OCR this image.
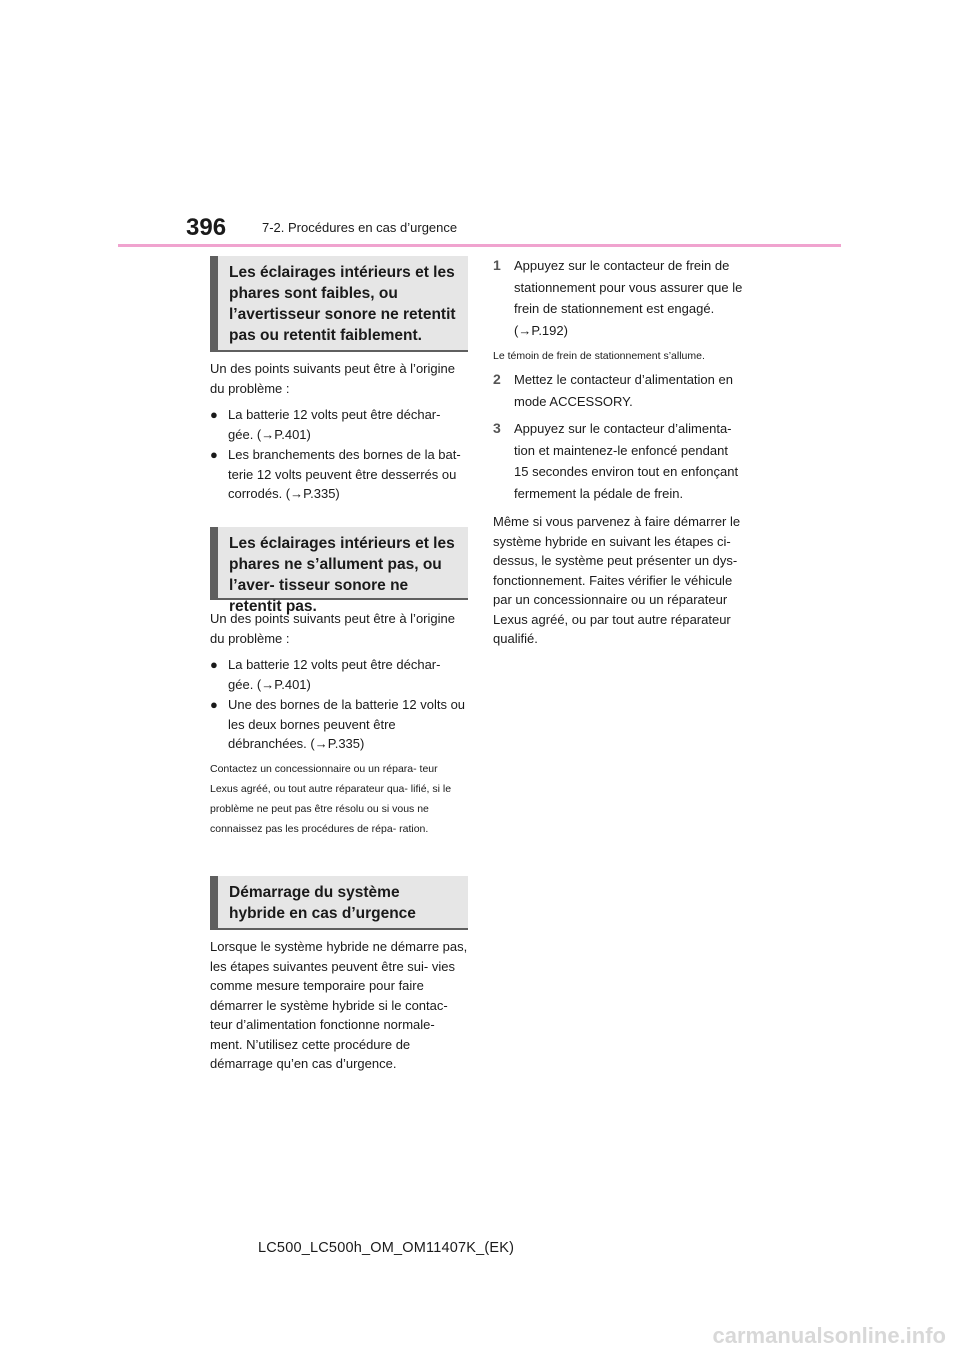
396	7-2. Procédures en cas d’urgence
Les éclairages intérieurs et les phares sont faibles, ou l’avertisseur sonore ne retentit pas ou retentit faiblement.
Un des points suivants peut être à l’origine du problème :
● La batterie 12 volts peut être déchar- gée. (→P.401)
● Les branchements des bornes de la bat- terie 12 volts peuvent être desserrés ou corrodés. (→P.335)
Les éclairages intérieurs et les phares ne s’allument pas, ou l’aver- tisseur sonore ne retentit pas.
Un des points suivants peut être à l’origine du problème :
● La batterie 12 volts peut être déchar- gée. (→P.401)
● Une des bornes de la batterie 12 volts ou les deux bornes peuvent être débranchées. (→P.335)
Contactez un concessionnaire ou un répara- teur Lexus agréé, ou tout autre réparateur qua- lifié, si le problème ne peut pas être résolu ou si vous ne connaissez pas les procédures de répa- ration.
Démarrage du système hybride en cas d’urgence
Lorsque le système hybride ne démarre pas, les étapes suivantes peuvent être sui- vies comme mesure temporaire pour faire démarrer le système hybride si le contac- teur d’alimentation fonctionne normale- ment. N’utilisez cette procédure de démarrage qu’en cas d’urgence.
1 Appuyez sur le contacteur de frein de stationnement pour vous assurer que le frein de stationnement est engagé. (→P.192)
Le témoin de frein de stationnement s’allume.
2 Mettez le contacteur d’alimentation en mode ACCESSORY.
3 Appuyez sur le contacteur d’alimenta- tion et maintenez-le enfoncé pendant 15 secondes environ tout en enfonçant fermement la pédale de frein.
Même si vous parvenez à faire démarrer le système hybride en suivant les étapes ci- dessus, le système peut présenter un dys- fonctionnement. Faites vérifier le véhicule par un concessionnaire ou un réparateur Lexus agréé, ou par tout autre réparateur qualifié.
LC500_LC500h_OM_OM11407K_(EK)
carmanualsonline.info
